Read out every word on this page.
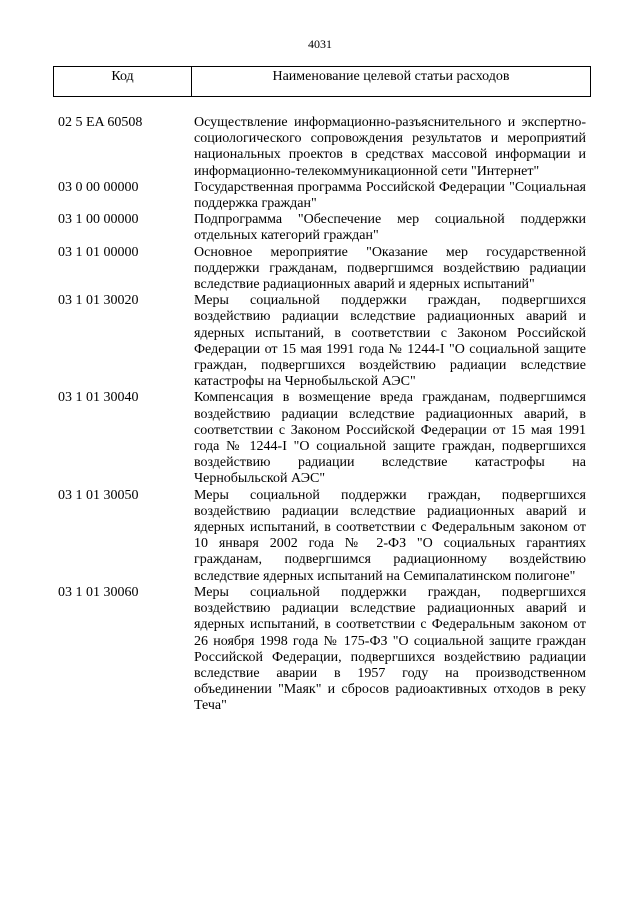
4031
Код	Наименование целевой статьи расходов
02 5 EA 60508	Осуществление информационно-разъяснительного и экспертно-социологического сопровождения результатов и мероприятий национальных проектов в средствах массовой информации и информационно-телекоммуникационной сети "Интернет"
03 0 00 00000	Государственная программа Российской Федерации "Социальная поддержка граждан"
03 1 00 00000	Подпрограмма "Обеспечение мер социальной поддержки отдельных категорий граждан"
03 1 01 00000	Основное мероприятие "Оказание мер государственной поддержки гражданам, подвергшимся воздействию радиации вследствие радиационных аварий и ядерных испытаний"
03 1 01 30020	Меры социальной поддержки граждан, подвергшихся воздействию радиации вследствие радиационных аварий и ядерных испытаний, в соответствии с Законом Российской Федерации от 15 мая 1991 года № 1244-I "О социальной защите граждан, подвергшихся воздействию радиации вследствие катастрофы на Чернобыльской АЭС"
03 1 01 30040	Компенсация в возмещение вреда гражданам, подвергшимся воздействию радиации вследствие радиационных аварий, в соответствии с Законом Российской Федерации от 15 мая 1991 года № 1244-I "О социальной защите граждан, подвергшихся воздействию радиации вследствие катастрофы на Чернобыльской АЭС"
03 1 01 30050	Меры социальной поддержки граждан, подвергшихся воздействию радиации вследствие радиационных аварий и ядерных испытаний, в соответствии с Федеральным законом от 10 января 2002 года № 2-ФЗ "О социальных гарантиях гражданам, подвергшимся радиационному воздействию вследствие ядерных испытаний на Семипалатинском полигоне"
03 1 01 30060	Меры социальной поддержки граждан, подвергшихся воздействию радиации вследствие радиационных аварий и ядерных испытаний, в соответствии с Федеральным законом от 26 ноября 1998 года № 175-ФЗ "О социальной защите граждан Российской Федерации, подвергшихся воздействию радиации вследствие аварии в 1957 году на производственном объединении "Маяк" и сбросов радиоактивных отходов в реку Теча"
